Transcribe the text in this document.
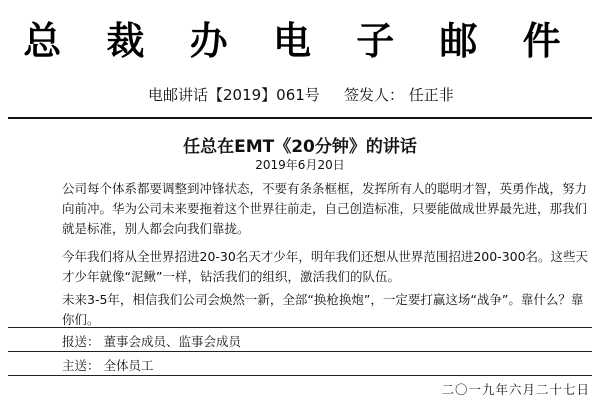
总 裁 办 电 子 邮 件
电邮讲话【2019】061号 签发人： 任正非
任总在EMT《20分钟》的讲话
2019年6月20日
公司每个体系都要调整到冲锋状态，不要有条条框框，发挥所有人的聪明才智，英勇作战，努力向前冲。华为公司未来要拖着这个世界往前走，自己创造标准，只要能做成世界最先进，那我们就是标准，别人都会向我们靠拢。
今年我们将从全世界招进20-30名天才少年，明年我们还想从世界范围招进200-300名。这些天才少年就像“泥鳅”一样，钻活我们的组织，激活我们的队伍。
未来3-5年，相信我们公司会焕然一新，全部“换枪换炮”，一定要打赢这场“战争”。靠什么？靠你们。
报送： 董事会成员、监事会成员
主送： 全体员工
二〇一九年六月二十七日
